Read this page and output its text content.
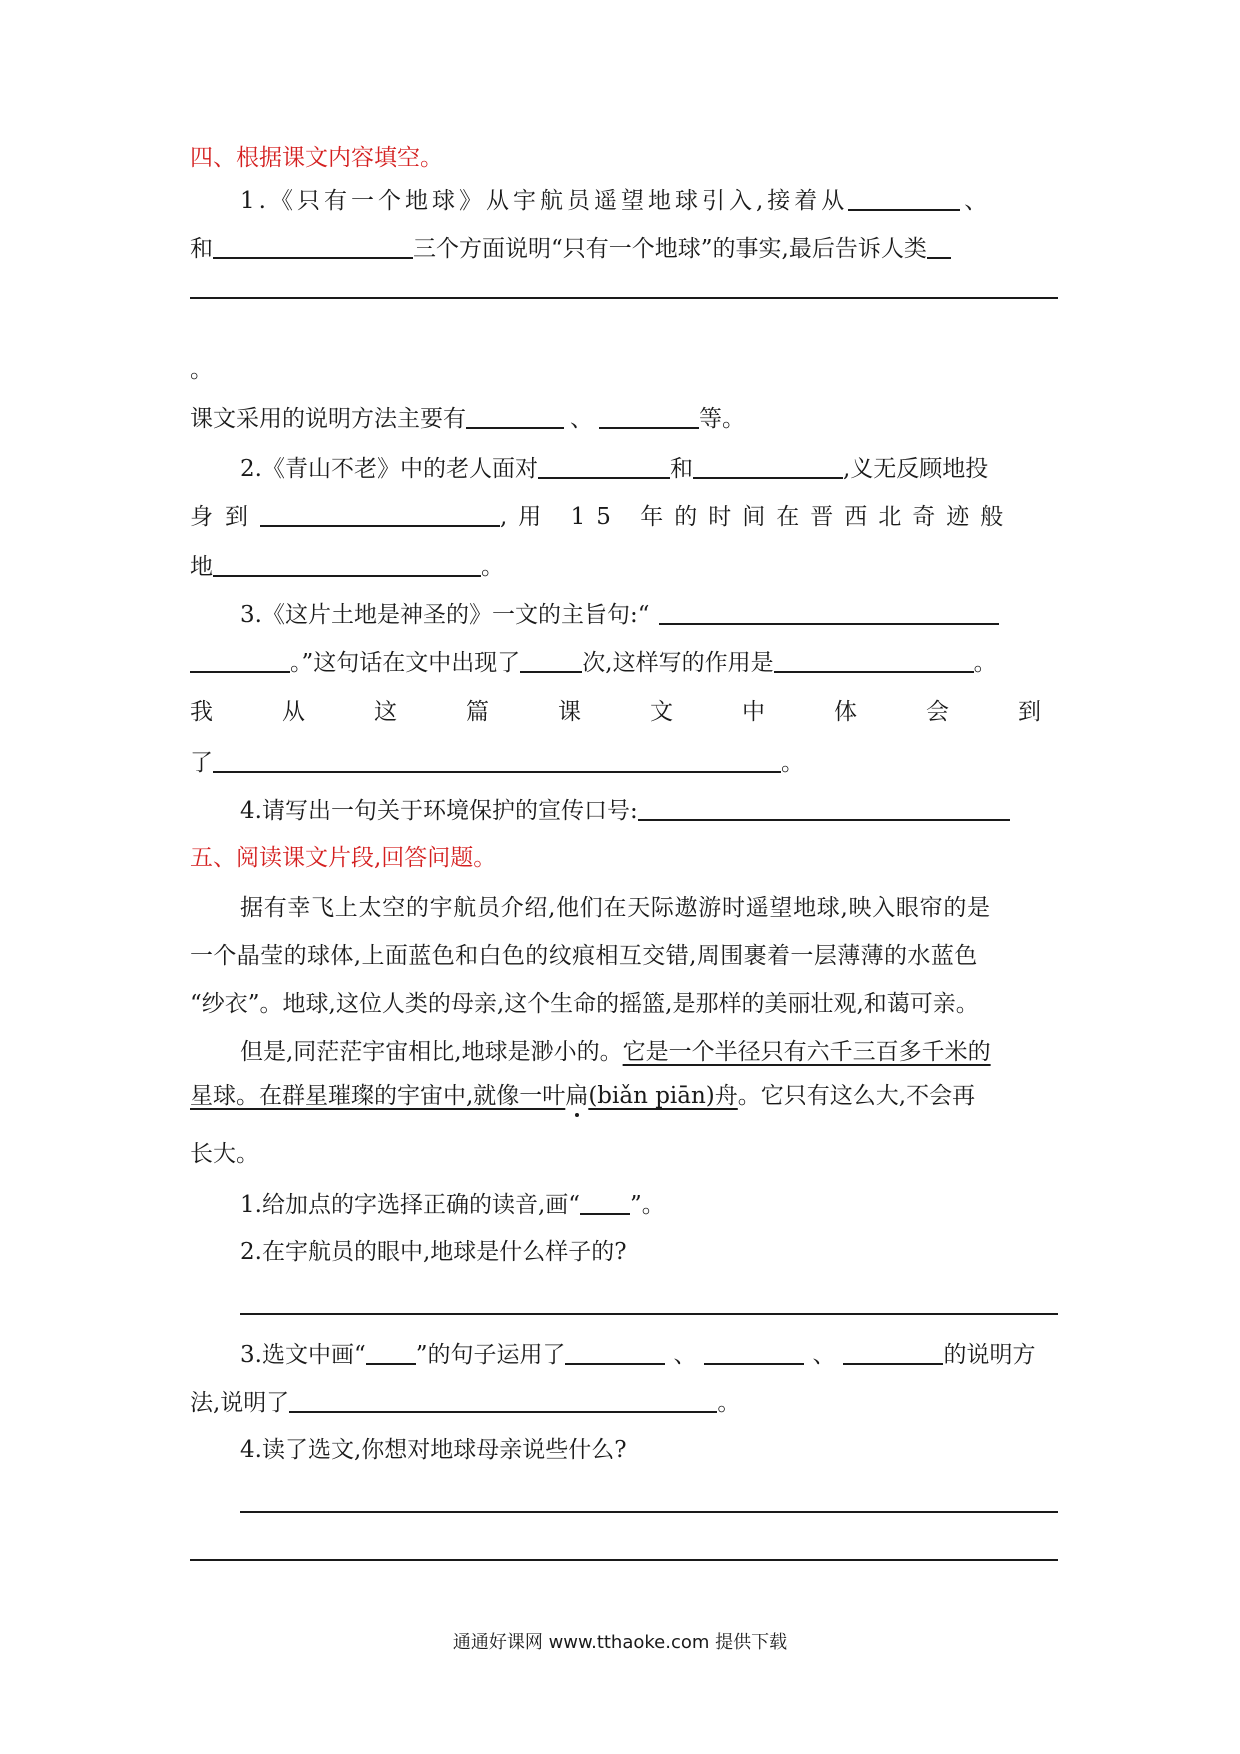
四、根据课文内容填空。
1.《只有一个地球》从宇航员遥望地球引入,接着从	、
和	三个方面说明“只有一个地球”的事实,最后告诉人类
。
课文采用的说明方法主要有	、	等。
2.《青山不老》中的老人面对	和	,义无反顾地投
身到	,用 15 年的时间在晋西北奇迹般
地	。
3.《这片土地是神圣的》一文的主旨句:“
。”这句话在文中出现了	次,这样写的作用是	。
我从这篇课文中体会到
了	。
4.请写出一句关于环境保护的宣传口号:
五、阅读课文片段,回答问题。
据有幸飞上太空的宇航员介绍,他们在天际遨游时遥望地球,映入眼帘的是
一个晶莹的球体,上面蓝色和白色的纹痕相互交错,周围裹着一层薄薄的水蓝色
“纱衣”。地球,这位人类的母亲,这个生命的摇篮,是那样的美丽壮观,和蔼可亲。
但是,同茫茫宇宙相比,地球是渺小的。它是一个半径只有六千三百多千米的
星球。在群星璀璨的宇宙中,就像一叶扁(biǎn piān)舟。它只有这么大,不会再
长大。
1.给加点的字选择正确的读音,画“ ”。
2.在宇航员的眼中,地球是什么样子的?
3.选文中画“ ”的句子运用了	、	、	的说明方
法,说明了	。
4.读了选文,你想对地球母亲说些什么?
通通好课网 www.tthaoke.com 提供下载
